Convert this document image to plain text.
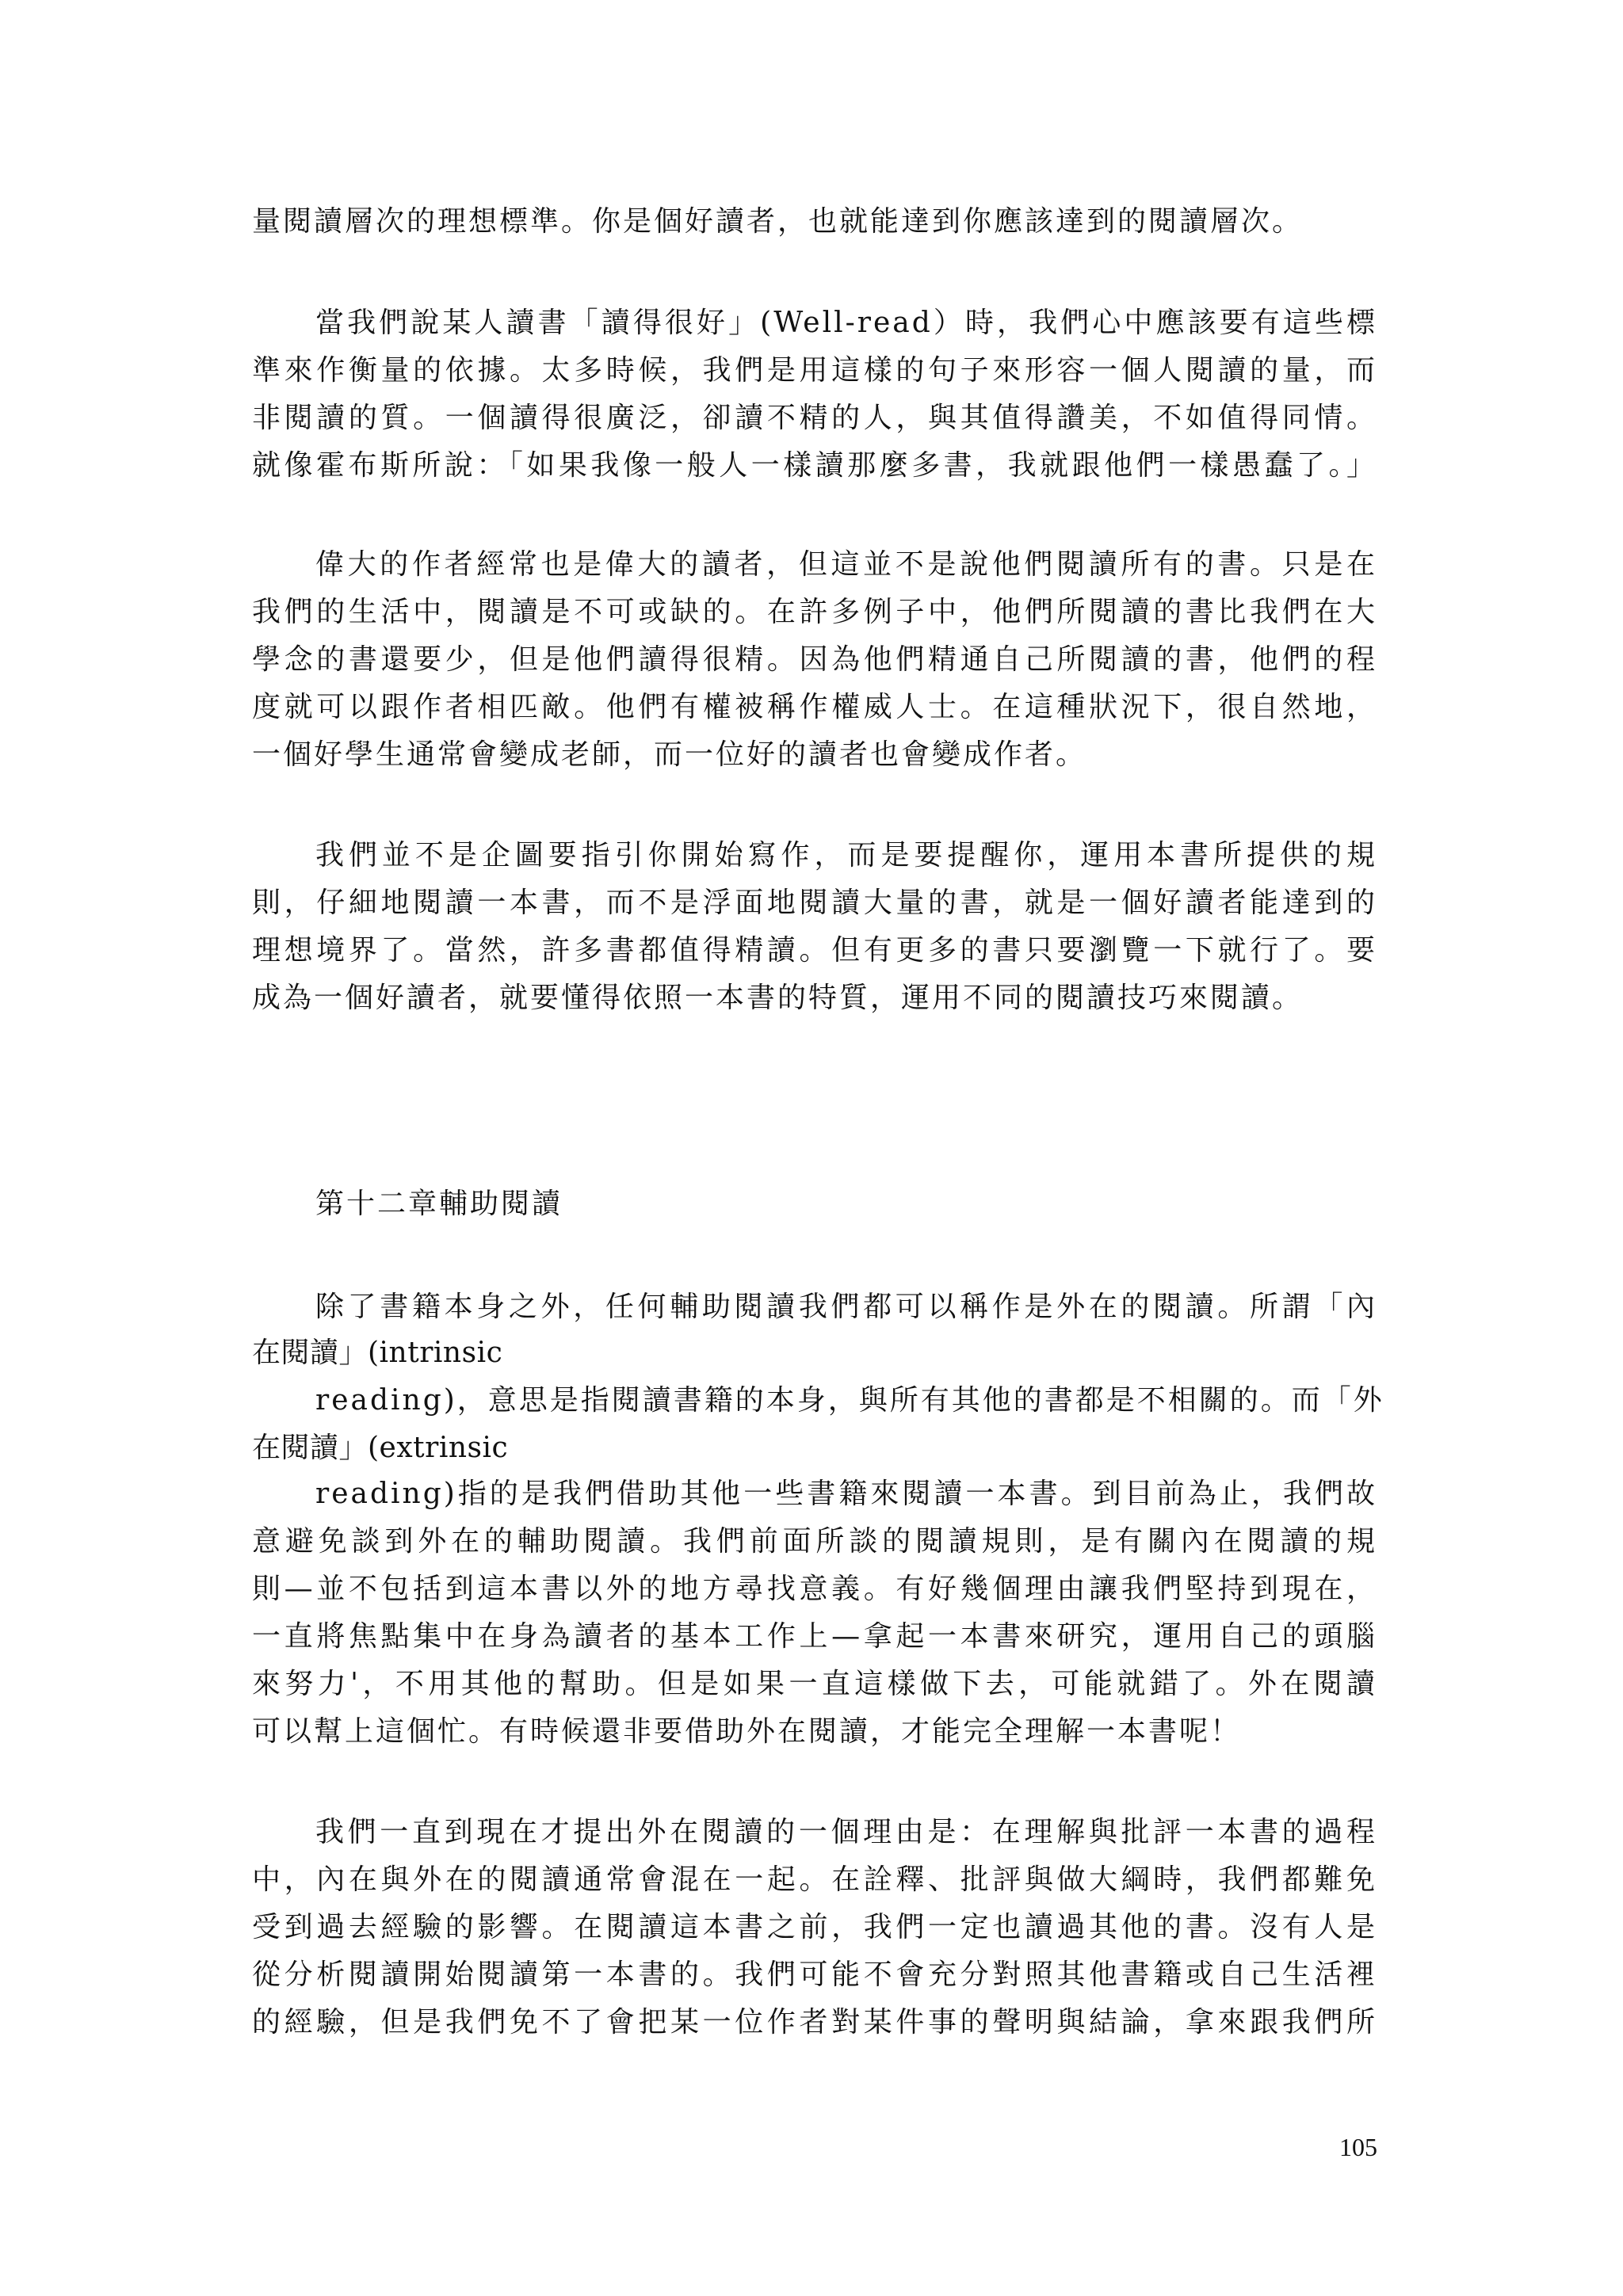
量閱讀層次的理想標準。你是個好讀者，也就能達到你應該達到的閱讀層次。
當我們說某人讀書「讀得很好」(Well-read）時，我們心中應該要有這些標
準來作衡量的依據。太多時候，我們是用這樣的句子來形容一個人閱讀的量，而
非閱讀的質。一個讀得很廣泛，卻讀不精的人，與其值得讚美，不如值得同情。
就像霍布斯所說：「如果我像一般人一樣讀那麼多書，我就跟他們一樣愚蠢了。」
偉大的作者經常也是偉大的讀者，但這並不是說他們閱讀所有的書。只是在
我們的生活中，閱讀是不可或缺的。在許多例子中，他們所閱讀的書比我們在大
學念的書還要少，但是他們讀得很精。因為他們精通自己所閱讀的書，他們的程
度就可以跟作者相匹敵。他們有權被稱作權威人士。在這種狀況下，很自然地，
一個好學生通常會變成老師，而一位好的讀者也會變成作者。
我們並不是企圖要指引你開始寫作，而是要提醒你，運用本書所提供的規
則，仔細地閱讀一本書，而不是浮面地閱讀大量的書，就是一個好讀者能達到的
理想境界了。當然，許多書都值得精讀。但有更多的書只要瀏覽一下就行了。要
成為一個好讀者，就要懂得依照一本書的特質，運用不同的閱讀技巧來閱讀。
第十二章輔助閱讀
除了書籍本身之外，任何輔助閱讀我們都可以稱作是外在的閱讀。所謂「內
在閱讀」(intrinsic
reading)，意思是指閱讀書籍的本身，與所有其他的書都是不相關的。而「外
在閱讀」(extrinsic
reading)指的是我們借助其他一些書籍來閱讀一本書。到目前為止，我們故
意避免談到外在的輔助閱讀。我們前面所談的閱讀規則，是有關內在閱讀的規
則—並不包括到這本書以外的地方尋找意義。有好幾個理由讓我們堅持到現在，
一直將焦點集中在身為讀者的基本工作上—拿起一本書來研究，運用自己的頭腦
來努力'，不用其他的幫助。但是如果一直這樣做下去，可能就錯了。外在閱讀
可以幫上這個忙。有時候還非要借助外在閱讀，才能完全理解一本書呢！
我們一直到現在才提出外在閱讀的一個理由是：在理解與批評一本書的過程
中，內在與外在的閱讀通常會混在一起。在詮釋、批評與做大綱時，我們都難免
受到過去經驗的影響。在閱讀這本書之前，我們一定也讀過其他的書。沒有人是
從分析閱讀開始閱讀第一本書的。我們可能不會充分對照其他書籍或自己生活裡
的經驗，但是我們免不了會把某一位作者對某件事的聲明與結論，拿來跟我們所
105
